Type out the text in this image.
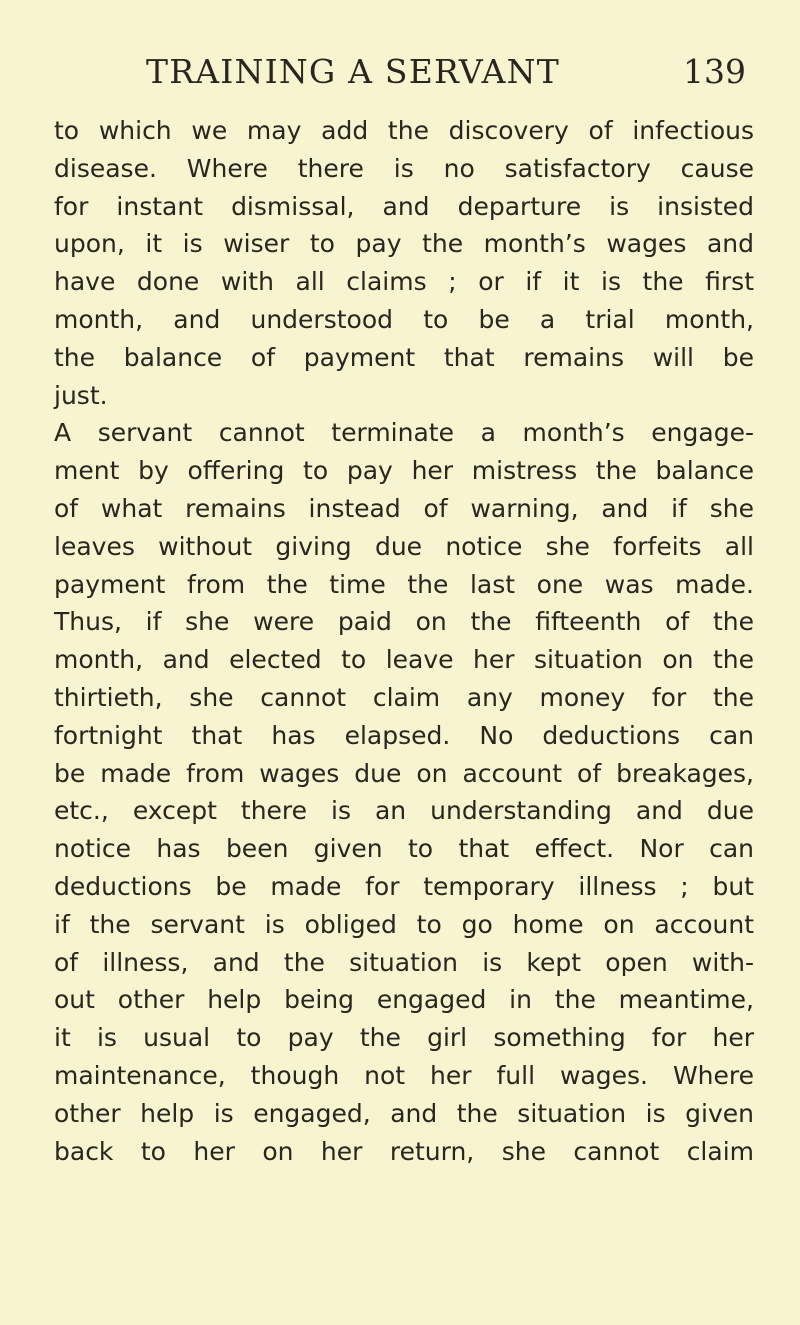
TRAINING A SERVANT	139
to which we may add the discovery of infectious
disease. Where there is no satisfactory cause
for instant dismissal, and departure is insisted
upon, it is wiser to pay the month’s wages and
have done with all claims ; or if it is the first
month, and understood to be a trial month,
the balance of payment that remains will be
just.
A servant cannot terminate a month’s engage-
ment by offering to pay her mistress the balance
of what remains instead of warning, and if she
leaves without giving due notice she forfeits all
payment from the time the last one was made.
Thus, if she were paid on the fifteenth of the
month, and elected to leave her situation on the
thirtieth, she cannot claim any money for the
fortnight that has elapsed. No deductions can
be made from wages due on account of breakages,
etc., except there is an understanding and due
notice has been given to that effect. Nor can
deductions be made for temporary illness ; but
if the servant is obliged to go home on account
of illness, and the situation is kept open with-
out other help being engaged in the meantime,
it is usual to pay the girl something for her
maintenance, though not her full wages. Where
other help is engaged, and the situation is given
back to her on her return, she cannot claim
